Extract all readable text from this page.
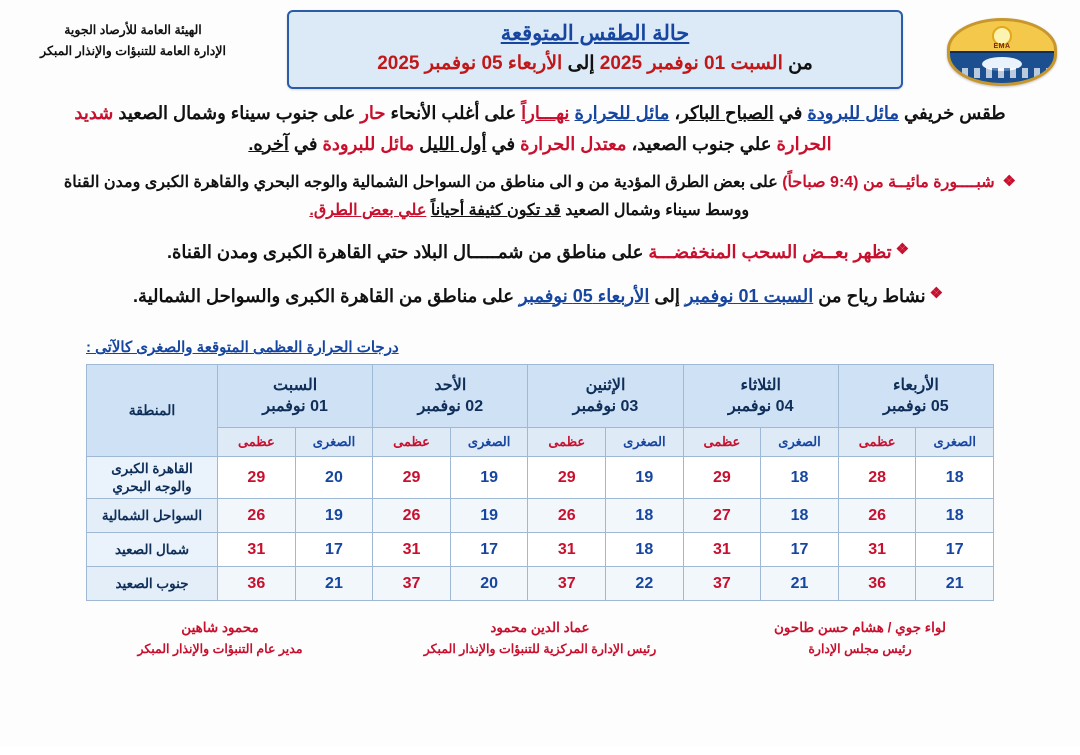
EMA
حالة الطقس المتوقعة
من السبت 01 نوفمبر 2025 إلى الأربعاء 05 نوفمبر 2025
الهيئة العامة للأرصاد الجوية
الإدارة العامة للتنبؤات والإنذار المبكر
طقس خريفي مائل للبرودة في الصباح الباكر، مائل للحرارة نهـــاراً على أغلب الأنحاء حار على جنوب سيناء وشمال الصعيد شديد الحرارة علي جنوب الصعيد، معتدل الحرارة في أول الليل مائل للبرودة في آخره.
❖
شبــــورة مائيــة من (9:4 صباحاً) على بعض الطرق المؤدية من و الى مناطق من السواحل الشمالية والوجه البحري والقاهرة الكبرى ومدن القناة ووسط سيناء وشمال الصعيد قد تكون كثيفة أحياناً علي بعض الطرق.
❖
تظهر بعــض السحب المنخفضـــة على مناطق من شمـــــال البلاد حتي القاهرة الكبرى ومدن القناة.
❖
نشاط رياح من السبت 01 نوفمبر إلى الأربعاء 05 نوفمبر على مناطق من القاهرة الكبرى والسواحل الشمالية.
درجات الحرارة العظمى المتوقعة والصغرى كالآتى :
الأربعاء
05 نوفمبر

الثلاثاء
04 نوفمبر

الإثنين
03 نوفمبر

الأحد
02 نوفمبر

السبت
01 نوفمبر
	المنطقة
الصغرى	عظمى	الصغرى	عظمى	الصغرى	عظمى	الصغرى	عظمى	الصغرى	عظمى	
18	28	18	29	19	29	19	29	20	29	القاهرة الكبرى والوجه البحري
18	26	18	27	18	26	19	26	19	26	السواحل الشمالية
17	31	17	31	18	31	17	31	17	31	شمال الصعيد
21	36	21	37	22	37	20	37	21	36	جنوب الصعيد
لواء جوي / هشام حسن طاحون
رئيس مجلس الإدارة
عماد الدين محمود
رئيس الإدارة المركزية للتنبؤات والإنذار المبكر
محمود شاهين
مدير عام التنبؤات والإنذار المبكر
